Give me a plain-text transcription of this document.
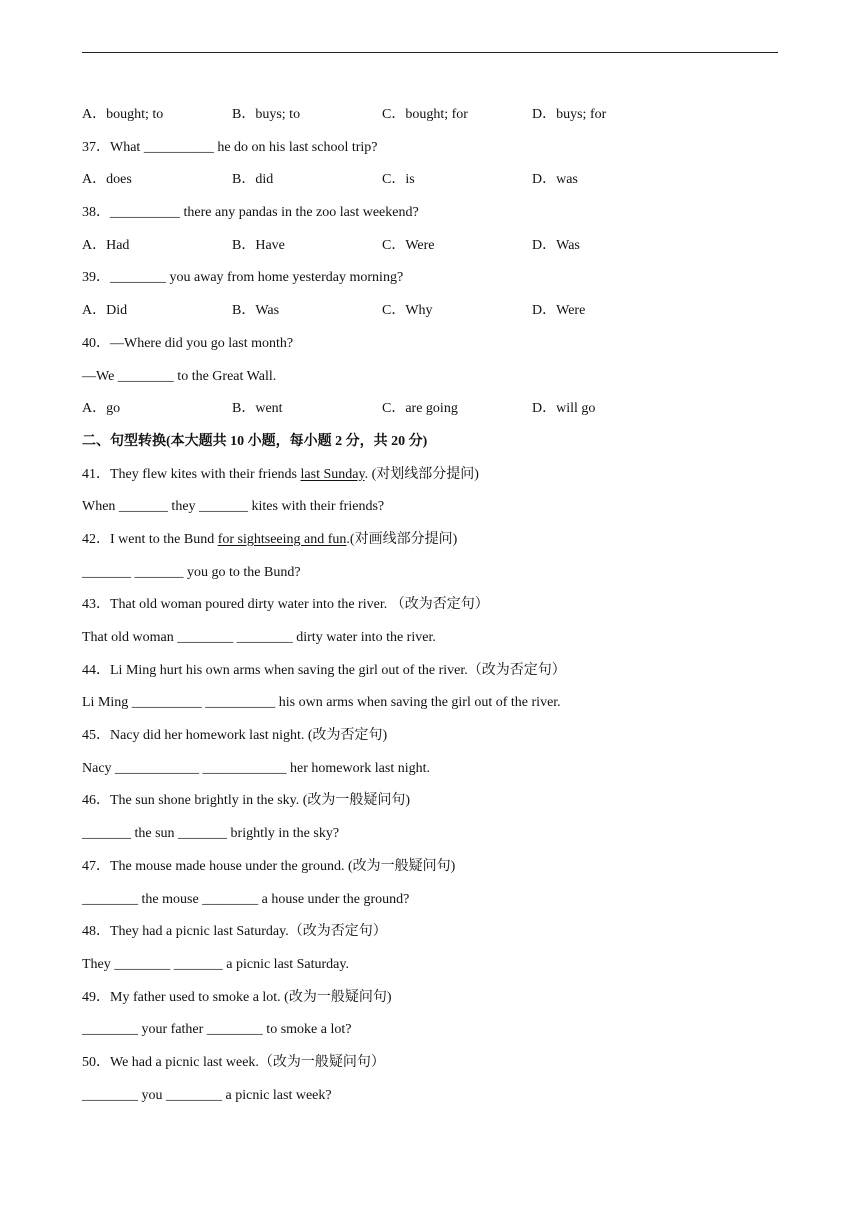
A．bought; to	B．buys; to	C．bought; for	D．buys; for
37．What __________ he do on his last school trip?
A．does	B．did	C．is	D．was
38．__________ there any pandas in the zoo last weekend?
A．Had	B．Have	C．Were	D．Was
39．________ you away from home yesterday morning?
A．Did	B．Was	C．Why	D．Were
40．—Where did you go last month?
—We ________ to the Great Wall.
A．go	B．went	C．are going	D．will go
二、句型转换(本大题共 10 小题，每小题 2 分，共 20 分)
41．They flew kites with their friends last Sunday. (对划线部分提问)
When _______ they _______ kites with their friends?
42．I went to the Bund for sightseeing and fun.(对画线部分提问)
_______ _______ you go to the Bund?
43．That old woman poured dirty water into the river. （改为否定句）
That old woman ________ ________ dirty water into the river.
44．Li Ming hurt his own arms when saving the girl out of the river.（改为否定句）
Li Ming __________ __________ his own arms when saving the girl out of the river.
45．Nacy did her homework last night. (改为否定句)
Nacy ____________ ____________ her homework last night.
46．The sun shone brightly in the sky. (改为一般疑问句)
_______ the sun _______ brightly in the sky?
47．The mouse made house under the ground. (改为一般疑问句)
________ the mouse ________ a house under the ground?
48．They had a picnic last Saturday.（改为否定句）
They ________ _______ a picnic last Saturday.
49．My father used to smoke a lot. (改为一般疑问句)
________ your father ________ to smoke a lot?
50．We had a picnic last week.（改为一般疑问句）
________ you ________ a picnic last week?
